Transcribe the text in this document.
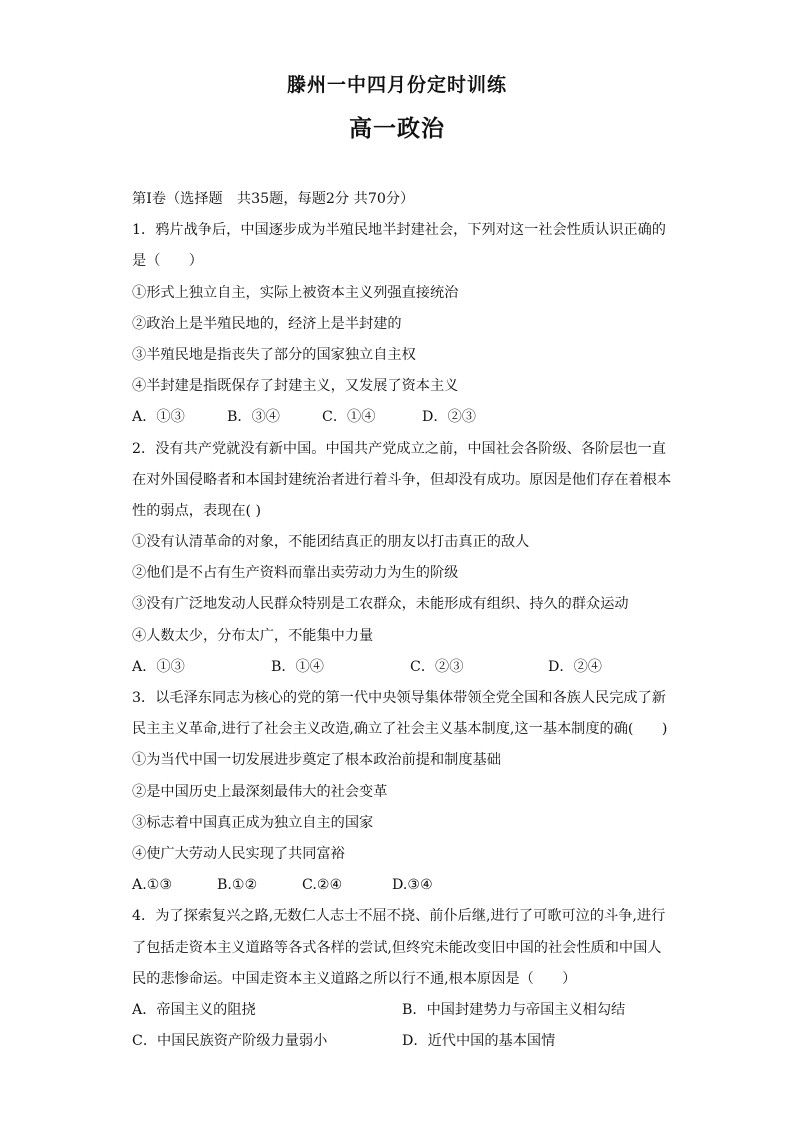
滕州一中四月份定时训练
高一政治
第Ⅰ卷（选择题　共35题，每题2分 共70分）
1．鸦片战争后，中国逐步成为半殖民地半封建社会，下列对这一社会性质认识正确的
是（　　）
①形式上独立自主，实际上被资本主义列强直接统治
②政治上是半殖民地的，经济上是半封建的
③半殖民地是指丧失了部分的国家独立自主权
④半封建是指既保存了封建主义，又发展了资本主义
A．①③	B．③④	C．①④	D．②③
2．没有共产党就没有新中国。中国共产党成立之前，中国社会各阶级、各阶层也一直
在对外国侵略者和本国封建统治者进行着斗争，但却没有成功。原因是他们存在着根本
性的弱点，表现在( )
①没有认清革命的对象，不能团结真正的朋友以打击真正的敌人
②他们是不占有生产资料而靠出卖劳动力为生的阶级
③没有广泛地发动人民群众特别是工农群众，未能形成有组织、持久的群众运动
④人数太少，分布太广，不能集中力量
A．①③	B．①④	C．②③	D．②④
3．以毛泽东同志为核心的党的第一代中央领导集体带领全党全国和各族人民完成了新
民主主义革命,进行了社会主义改造,确立了社会主义基本制度,这一基本制度的确(　　)
①为当代中国一切发展进步奠定了根本政治前提和制度基础
②是中国历史上最深刻最伟大的社会变革
③标志着中国真正成为独立自主的国家
④使广大劳动人民实现了共同富裕
A.①③	B.①②	C.②④	D.③④
4．为了探索复兴之路,无数仁人志士不屈不挠、前仆后继,进行了可歌可泣的斗争,进行
了包括走资本主义道路等各式各样的尝试,但终究未能改变旧中国的社会性质和中国人
民的悲惨命运。中国走资本主义道路之所以行不通,根本原因是（　　）
A．帝国主义的阻挠	B．中国封建势力与帝国主义相勾结
C．中国民族资产阶级力量弱小	D．近代中国的基本国情
